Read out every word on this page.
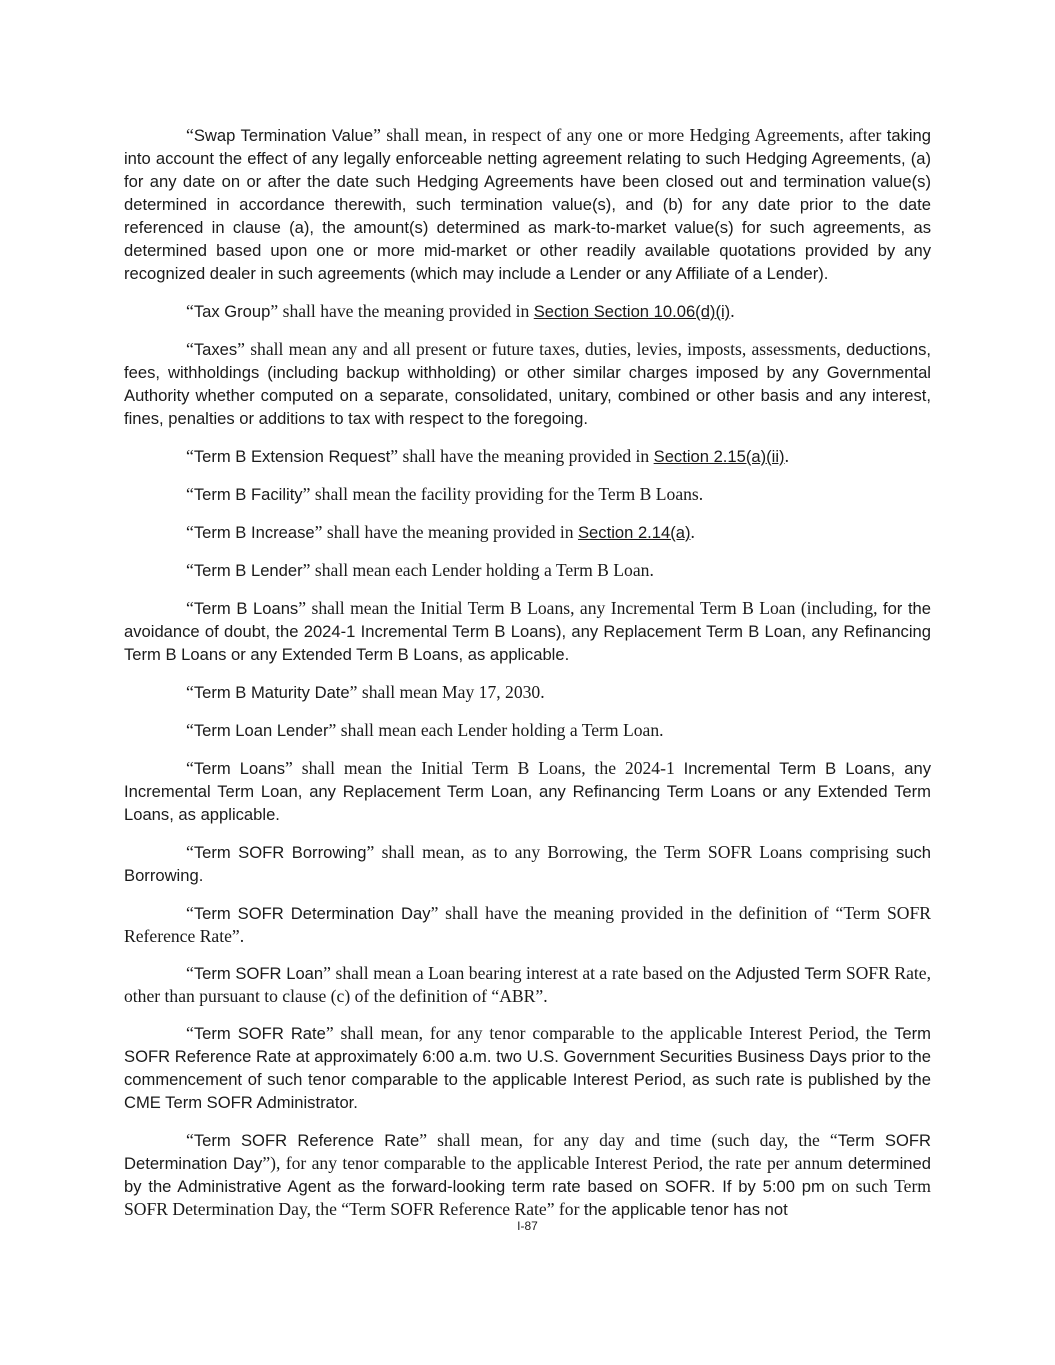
“Swap Termination Value” shall mean, in respect of any one or more Hedging Agreements, after taking into account the effect of any legally enforceable netting agreement relating to such Hedging Agreements, (a) for any date on or after the date such Hedging Agreements have been closed out and termination value(s) determined in accordance therewith, such termination value(s), and (b) for any date prior to the date referenced in clause (a), the amount(s) determined as mark-to-market value(s) for such agreements, as determined based upon one or more mid-market or other readily available quotations provided by any recognized dealer in such agreements (which may include a Lender or any Affiliate of a Lender).

“Tax Group” shall have the meaning provided in Section Section 10.06(d)(i).

“Taxes” shall mean any and all present or future taxes, duties, levies, imposts, assessments, deductions, fees, withholdings (including backup withholding) or other similar charges imposed by any Governmental Authority whether computed on a separate, consolidated, unitary, combined or other basis and any interest, fines, penalties or additions to tax with respect to the foregoing.

“Term B Extension Request” shall have the meaning provided in Section 2.15(a)(ii).

“Term B Facility” shall mean the facility providing for the Term B Loans.

“Term B Increase” shall have the meaning provided in Section 2.14(a).

“Term B Lender” shall mean each Lender holding a Term B Loan.

“Term B Loans” shall mean the Initial Term B Loans, any Incremental Term B Loan (including, for the avoidance of doubt, the 2024-1 Incremental Term B Loans), any Replacement Term B Loan, any Refinancing Term B Loans or any Extended Term B Loans, as applicable.

“Term B Maturity Date” shall mean May 17, 2030.

“Term Loan Lender” shall mean each Lender holding a Term Loan.

“Term Loans” shall mean the Initial Term B Loans, the 2024-1 Incremental Term B Loans, any Incremental Term Loan, any Replacement Term Loan, any Refinancing Term Loans or any Extended Term Loans, as applicable.

“Term SOFR Borrowing” shall mean, as to any Borrowing, the Term SOFR Loans comprising such Borrowing.

“Term SOFR Determination Day” shall have the meaning provided in the definition of “Term SOFR Reference Rate”.

“Term SOFR Loan” shall mean a Loan bearing interest at a rate based on the Adjusted Term SOFR Rate, other than pursuant to clause (c) of the definition of “ABR”.

“Term SOFR Rate” shall mean, for any tenor comparable to the applicable Interest Period, the Term SOFR Reference Rate at approximately 6:00 a.m. two U.S. Government Securities Business Days prior to the commencement of such tenor comparable to the applicable Interest Period, as such rate is published by the CME Term SOFR Administrator.

“Term SOFR Reference Rate” shall mean, for any day and time (such day, the “Term SOFR Determination Day”), for any tenor comparable to the applicable Interest Period, the rate per annum determined by the Administrative Agent as the forward-looking term rate based on SOFR. If by 5:00 pm on such Term SOFR Determination Day, the “Term SOFR Reference Rate” for the applicable tenor has not

I-87
